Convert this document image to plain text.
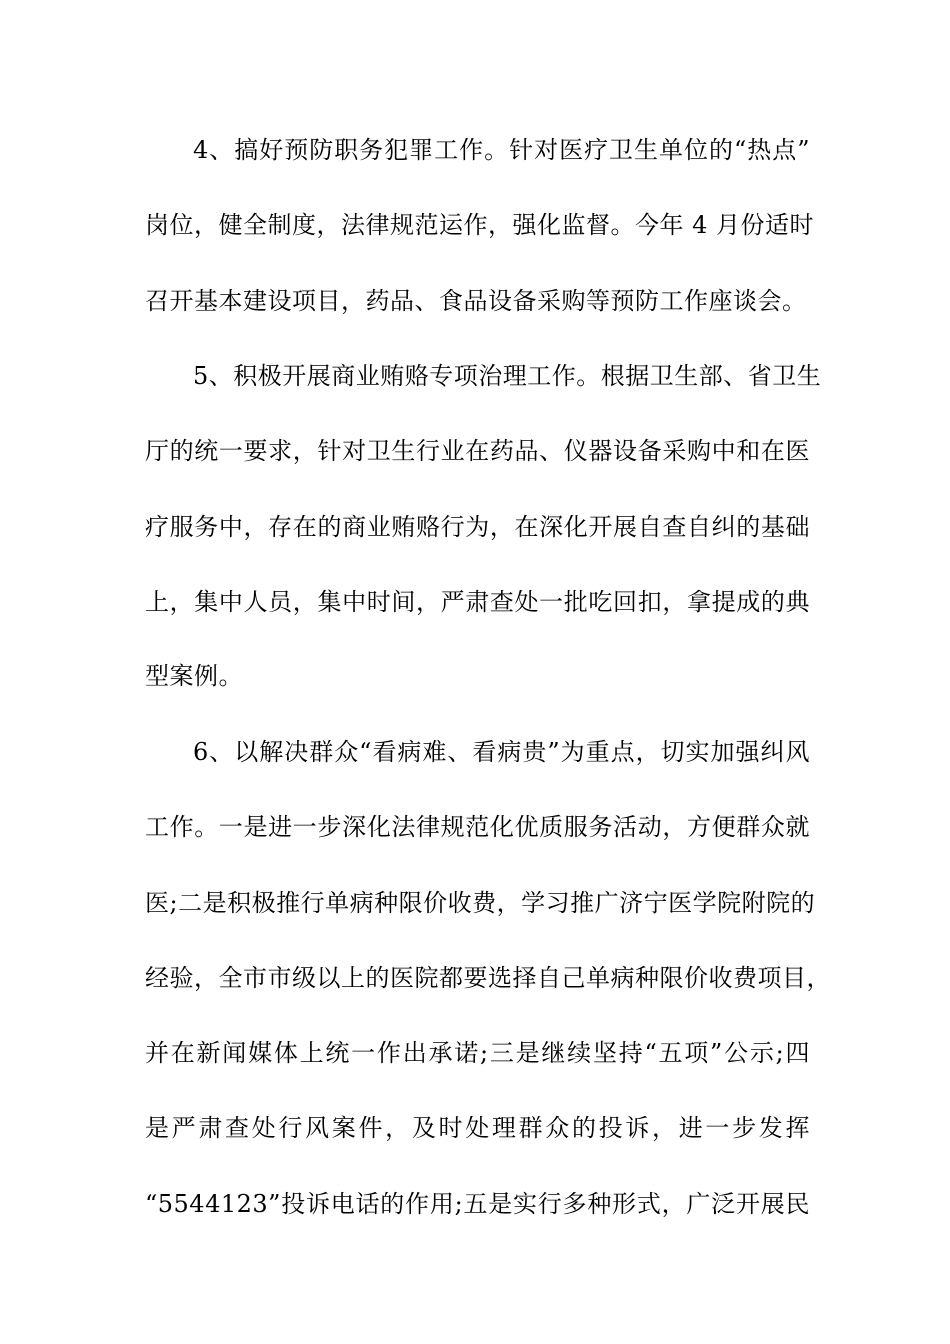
4、搞好预防职务犯罪工作。针对医疗卫生单位的“热点”
岗位，健全制度，法律规范运作，强化监督。今年 4 月份适时
召开基本建设项目，药品、食品设备采购等预防工作座谈会。
5、积极开展商业贿赂专项治理工作。根据卫生部、省卫生
厅的统一要求，针对卫生行业在药品、仪器设备采购中和在医
疗服务中，存在的商业贿赂行为，在深化开展自查自纠的基础
上，集中人员，集中时间，严肃查处一批吃回扣，拿提成的典
型案例。
6、以解决群众“看病难、看病贵”为重点，切实加强纠风
工作。一是进一步深化法律规范化优质服务活动，方便群众就
医;二是积极推行单病种限价收费，学习推广济宁医学院附院的
经验，全市市级以上的医院都要选择自己单病种限价收费项目，
并在新闻媒体上统一作出承诺;三是继续坚持“五项”公示;四
是严肃查处行风案件，及时处理群众的投诉，进一步发挥
“5544123”投诉电话的作用;五是实行多种形式，广泛开展民
